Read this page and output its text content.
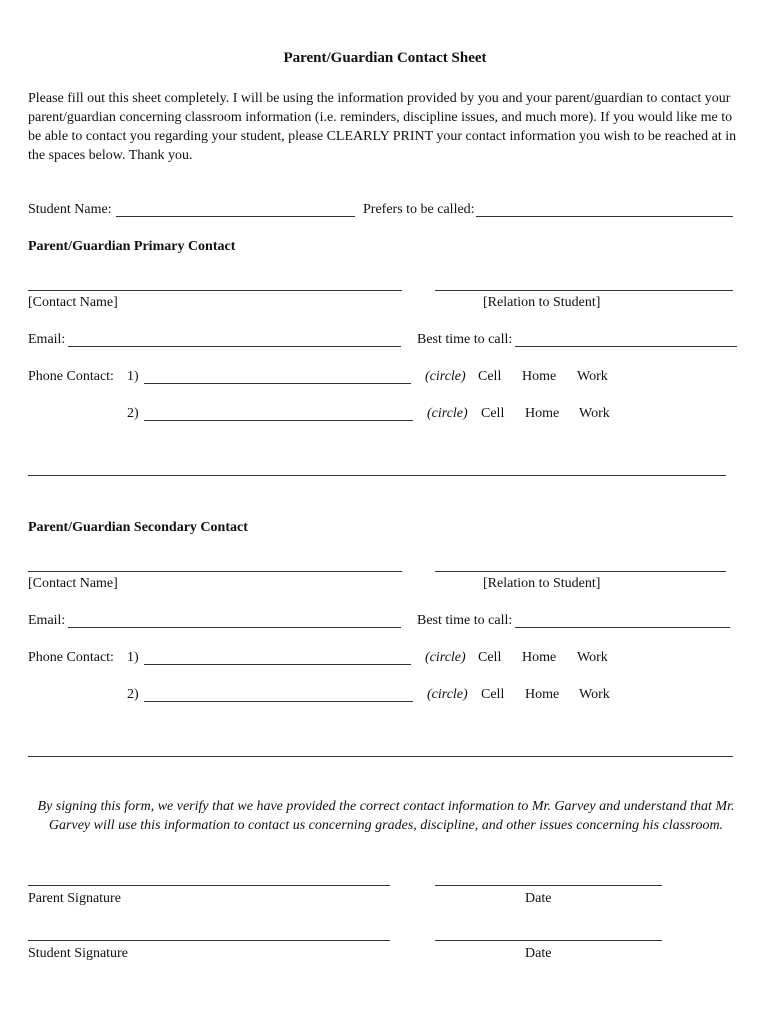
Parent/Guardian Contact Sheet
Please fill out this sheet completely. I will be using the information provided by you and your parent/guardian to contact your parent/guardian concerning classroom information (i.e. reminders, discipline issues, and much more). If you would like me to be able to contact you regarding your student, please CLEARLY PRINT your contact information you wish to be reached at in the spaces below. Thank you.
Student Name:	Prefers to be called:
Parent/Guardian Primary Contact
[Contact Name]	[Relation to Student]
Email:	Best time to call:
Phone Contact: 1)	(circle) Cell Home Work
2)	(circle) Cell Home Work
Parent/Guardian Secondary Contact
[Contact Name]	[Relation to Student]
Email:	Best time to call:
Phone Contact: 1)	(circle) Cell Home Work
2)	(circle) Cell Home Work
By signing this form, we verify that we have provided the correct contact information to Mr. Garvey and understand that Mr. Garvey will use this information to contact us concerning grades, discipline, and other issues concerning his classroom.
Parent Signature	Date
Student Signature	Date
